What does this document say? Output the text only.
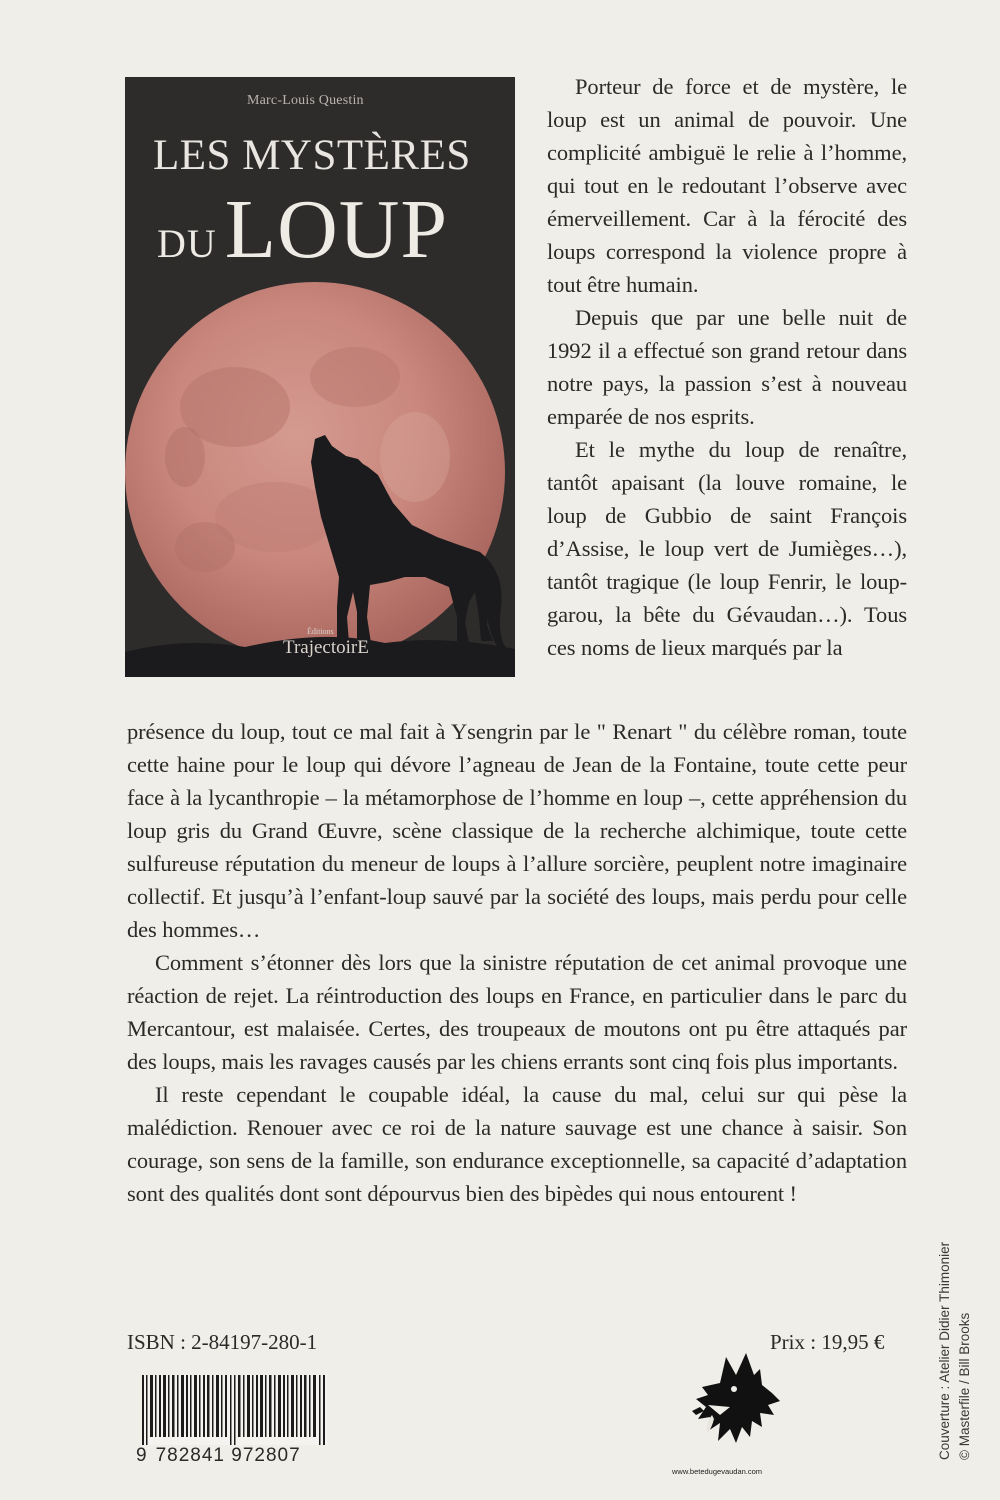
Marc-Louis Questin
LES MYSTÈRES
DULOUP
Éditions
TrajectoirE

Porteur de force et de mystère, le loup est un animal de pouvoir. Une complicité ambiguë le relie à l’homme, qui tout en le redoutant l’observe avec émerveillement. Car à la férocité des loups correspond la violence propre à tout être humain.

Depuis que par une belle nuit de 1992 il a effectué son grand retour dans notre pays, la passion s’est à nouveau emparée de nos esprits.

Et le mythe du loup de renaître, tantôt apaisant (la louve romaine, le loup de Gubbio de saint François d’Assise, le loup vert de Jumièges…), tantôt tragique (le loup Fenrir, le loup-garou, la bête du Gévaudan…). Tous ces noms de lieux marqués par la

présence du loup, tout ce mal fait à Ysengrin par le " Renart " du célèbre roman, toute cette haine pour le loup qui dévore l’agneau de Jean de la Fontaine, toute cette peur face à la lycanthropie – la métamorphose de l’homme en loup –, cette appréhension du loup gris du Grand Œuvre, scène classique de la recherche alchimique, toute cette sulfureuse réputation du meneur de loups à l’allure sorcière, peuplent notre imaginaire collectif. Et jusqu’à l’enfant-loup sauvé par la société des loups, mais perdu pour celle des hommes…

Comment s’étonner dès lors que la sinistre réputation de cet animal provoque une réaction de rejet. La réintroduction des loups en France, en particulier dans le parc du Mercantour, est malaisée. Certes, des troupeaux de moutons ont pu être attaqués par des loups, mais les ravages causés par les chiens errants sont cinq fois plus importants.

Il reste cependant le coupable idéal, la cause du mal, celui sur qui pèse la malédiction. Renouer avec ce roi de la nature sauvage est une chance à saisir. Son courage, son sens de la famille, son endurance exceptionnelle, sa capacité d’adaptation sont des qualités dont sont dépourvus bien des bipèdes qui nous entourent !

ISBN : 2-84197-280-1	Prix : 19,95 €
9 782841 972807
www.betedugevaudan.com
Couverture : Atelier Didier Thimonier © Masterfile / Bill Brooks
